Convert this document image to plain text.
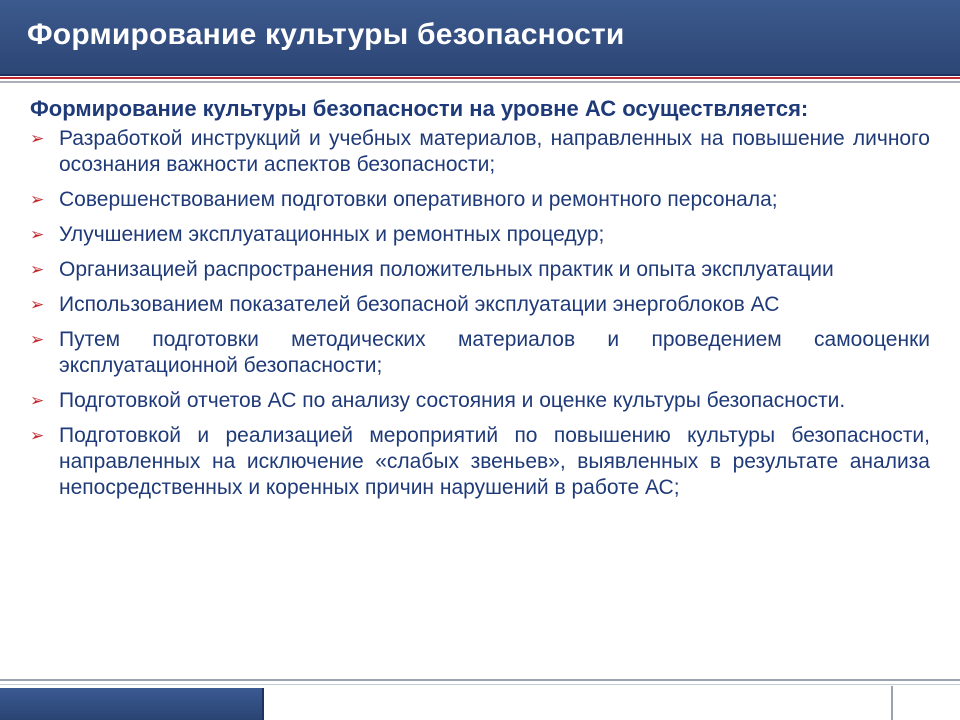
Формирование культуры безопасности

Формирование культуры безопасности на уровне АС осуществляется:

➢ Разработкой инструкций и учебных материалов, направленных на повышение личного осознания важности аспектов безопасности;
➢ Совершенствованием подготовки оперативного и ремонтного персонала;
➢ Улучшением эксплуатационных и ремонтных процедур;
➢ Организацией распространения положительных практик и опыта эксплуатации
➢ Использованием показателей безопасной эксплуатации энергоблоков АС
➢ Путем подготовки методических материалов и проведением самооценки эксплуатационной безопасности;
➢ Подготовкой отчетов АС по анализу состояния и оценке культуры безопасности.
➢ Подготовкой и реализацией мероприятий по повышению культуры безопасности, направленных на исключение «слабых звеньев», выявленных в результате анализа непосредственных и коренных причин нарушений в работе АС;
